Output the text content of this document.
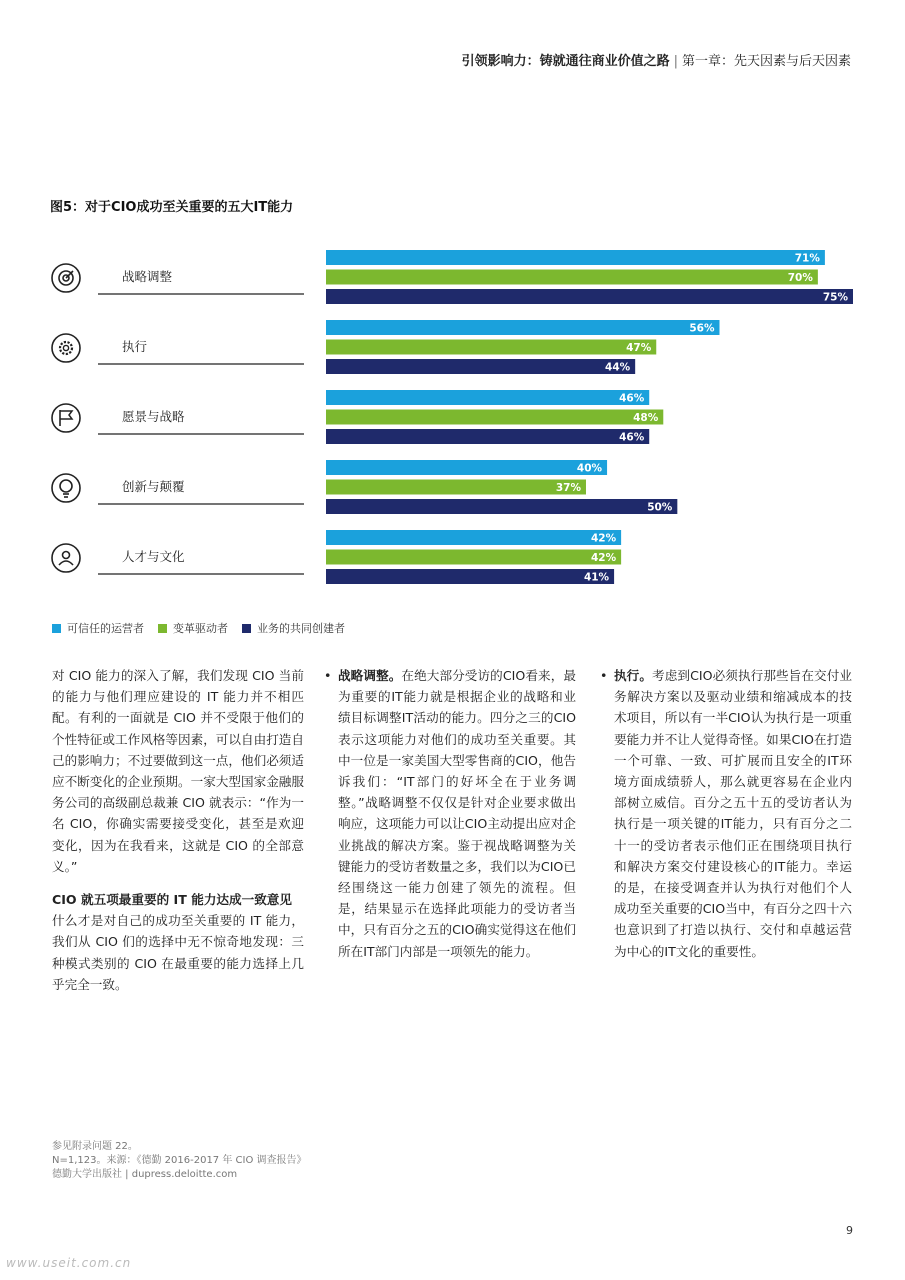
引领影响力：铸就通往商业价值之路 | 第一章：先天因素与后天因素
图5：对于CIO成功至关重要的五大IT能力
战略调整
71%
70%
75%
执行
56%
47%
44%
愿景与战略
46%
48%
46%
创新与颠覆
40%
37%
50%
人才与文化
42%
42%
41%
可信任的运营者	变革驱动者	业务的共同创建者

对 CIO 能力的深入了解，我们发现 CIO 当前的能力与他们理应建设的 IT 能力并不相匹配。有利的一面就是 CIO 并不受限于他们的个性特征或工作风格等因素，可以自由打造自己的影响力；不过要做到这一点，他们必须适应不断变化的企业预期。一家大型国家金融服务公司的高级副总裁兼 CIO 就表示：“作为一名 CIO，你确实需要接受变化，甚至是欢迎变化，因为在我看来，这就是 CIO 的全部意义。”

CIO 就五项最重要的 IT 能力达成一致意见

什么才是对自己的成功至关重要的 IT 能力，我们从 CIO 们的选择中无不惊奇地发现：三种模式类别的 CIO 在最重要的能力选择上几乎完全一致。

• 战略调整。在绝大部分受访的CIO看来，最为重要的IT能力就是根据企业的战略和业绩目标调整IT活动的能力。四分之三的CIO表示这项能力对他们的成功至关重要。其中一位是一家美国大型零售商的CIO，他告诉我们：“IT部门的好坏全在于业务调整。”战略调整不仅仅是针对企业要求做出响应，这项能力可以让CIO主动提出应对企业挑战的解决方案。鉴于视战略调整为关键能力的受访者数量之多，我们以为CIO已经围绕这一能力创建了领先的流程。但是，结果显示在选择此项能力的受访者当中，只有百分之五的CIO确实觉得这在他们所在IT部门内部是一项领先的能力。

• 执行。考虑到CIO必须执行那些旨在交付业务解决方案以及驱动业绩和缩减成本的技术项目，所以有一半CIO认为执行是一项重要能力并不让人觉得奇怪。如果CIO在打造一个可靠、一致、可扩展而且安全的IT环境方面成绩骄人，那么就更容易在企业内部树立威信。百分之五十五的受访者认为执行是一项关键的IT能力，只有百分之二十一的受访者表示他们正在围绕项目执行和解决方案交付建设核心的IT能力。幸运的是，在接受调查并认为执行对他们个人成功至关重要的CIO当中，有百分之四十六也意识到了打造以执行、交付和卓越运营为中心的IT文化的重要性。

参见附录问题 22。
N=1,123。来源：《德勤 2016-2017 年 CIO 调查报告》
德勤大学出版社 | dupress.deloitte.com
9
www.useit.com.cn
